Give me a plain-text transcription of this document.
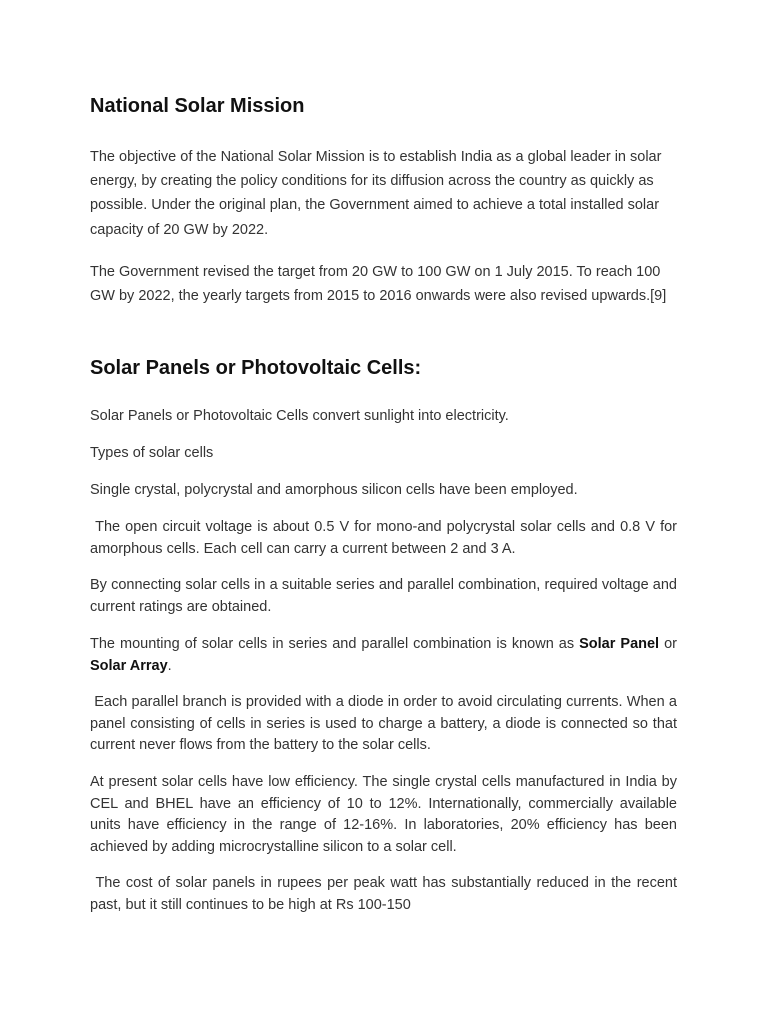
National Solar Mission

The objective of the National Solar Mission is to establish India as a global leader in solar energy, by creating the policy conditions for its diffusion across the country as quickly as possible. Under the original plan, the Government aimed to achieve a total installed solar capacity of 20 GW by 2022.

The Government revised the target from 20 GW to 100 GW on 1 July 2015. To reach 100 GW by 2022, the yearly targets from 2015 to 2016 onwards were also revised upwards.[9]

Solar Panels or Photovoltaic Cells:

Solar Panels or Photovoltaic Cells convert sunlight into electricity.

Types of solar cells

Single crystal, polycrystal and amorphous silicon cells have been employed.

The open circuit voltage is about 0.5 V for mono-and polycrystal solar cells and 0.8 V for amorphous cells. Each cell can carry a current between 2 and 3 A.

By connecting solar cells in a suitable series and parallel combination, required voltage and current ratings are obtained.

The mounting of solar cells in series and parallel combination is known as Solar Panel or Solar Array.

Each parallel branch is provided with a diode in order to avoid circulating currents. When a panel consisting of cells in series is used to charge a battery, a diode is connected so that current never flows from the battery to the solar cells.

At present solar cells have low efficiency. The single crystal cells manufactured in India by CEL and BHEL have an efficiency of 10 to 12%. Internationally, commercially available units have efficiency in the range of 12-16%. In laboratories, 20% efficiency has been achieved by adding microcrystalline silicon to a solar cell.

The cost of solar panels in rupees per peak watt has substantially reduced in the recent past, but it still continues to be high at Rs 100-150
